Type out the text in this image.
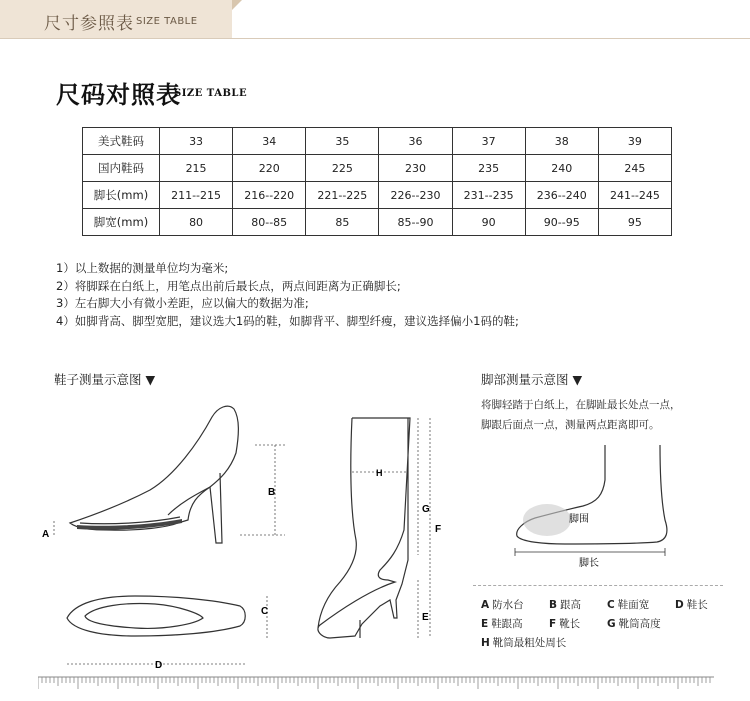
尺寸参照表 SIZE TABLE
尺码对照表
SIZE TABLE
美式鞋码	33	34	35	36	37	38	39
国内鞋码	215	220	225	230	235	240	245
脚长(mm)	211--215	216--220	221--225	226--230	231--235	236--240	241--245
脚宽(mm)	80	80--85	85	85--90	90	90--95	95
1）以上数据的测量单位均为毫米;
2）将脚踩在白纸上，用笔点出前后最长点，两点间距离为正确脚长;
3）左右脚大小有微小差距，应以偏大的数据为准;
4）如脚背高、脚型宽肥，建议选大1码的鞋，如脚背平、脚型纤瘦，建议选择偏小1码的鞋;
鞋子测量示意图 ▼	脚部测量示意图 ▼
将脚轻踏于白纸上，在脚趾最长处点一点，
脚跟后面点一点，测量两点距离即可。
B
A
C
D
H
G
F
E
脚围
脚长
A 防水台 B 跟高 C 鞋面宽 D 鞋长
E 鞋跟高	F 靴长	G 靴筒高度
H 靴筒最粗处周长
